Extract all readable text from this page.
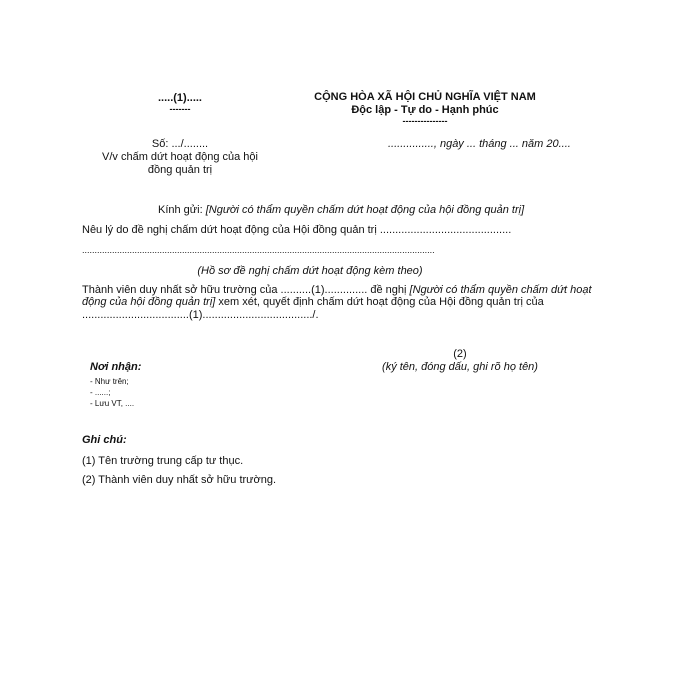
.....(1).....
-------
CỘNG HÒA XÃ HỘI CHỦ NGHĨA VIỆT NAM
Độc lập - Tự do - Hạnh phúc
---------------
Số: .../........
V/v chấm dứt hoạt động của hội
đồng quản trị
..............., ngày ... tháng ... năm 20....
Kính gửi: [Người có thẩm quyền chấm dứt hoạt động của hội đồng quản trị]
Nêu lý do đề nghị chấm dứt hoạt động của Hội đồng quản trị ...........................................
.............................................................................................................................................
(Hồ sơ đề nghị chấm dứt hoạt động kèm theo)
Thành viên duy nhất sở hữu trường của ..........(1).............. đề nghị [Người có thẩm quyền chấm dứt hoạt
động của hội đồng quản trị] xem xét, quyết định chấm dứt hoạt động của Hội đồng quản trị của
...................................(1)..................................../.
(2)
(ký tên, đóng dấu, ghi rõ họ tên)
Nơi nhận:
- Như trên;
- ......;
- Lưu VT, ....
Ghi chú:
(1) Tên trường trung cấp tư thục.
(2) Thành viên duy nhất sở hữu trường.
